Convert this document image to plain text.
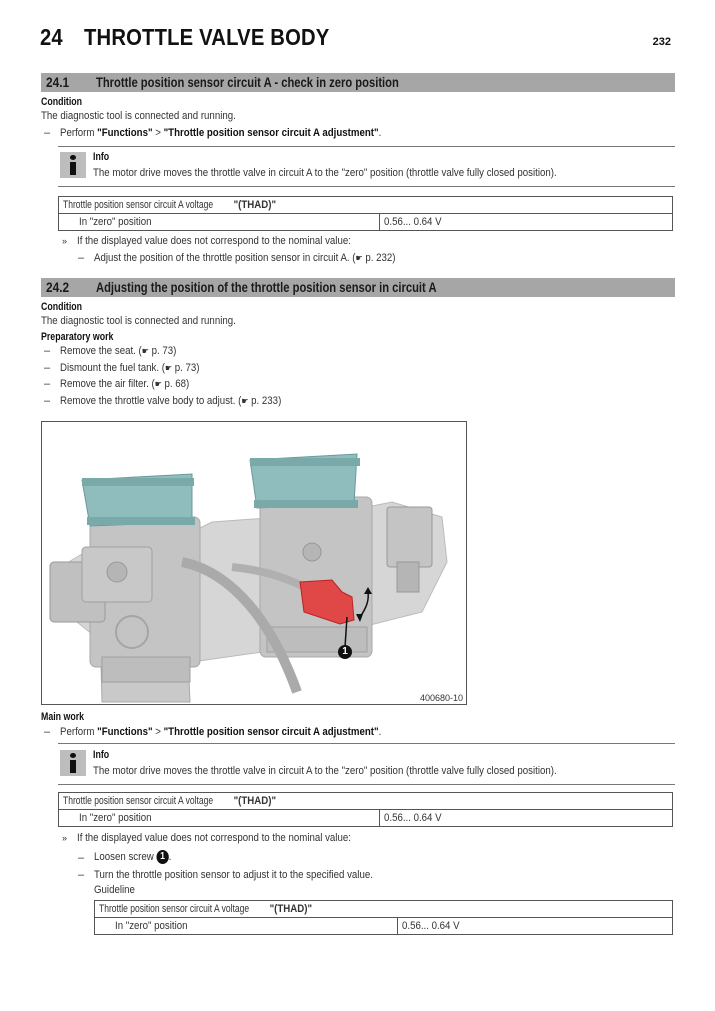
24 THROTTLE VALVE BODY	232
24.1 Throttle position sensor circuit A - check in zero position
Condition
The diagnostic tool is connected and running.
– Perform "Functions" > "Throttle position sensor circuit A adjustment".
Info
The motor drive moves the throttle valve in circuit A to the "zero" position (throttle valve fully closed position).
Throttle position sensor circuit A voltage"(THAD)"
In "zero" position	0.56... 0.64 V
» If the displayed value does not correspond to the nominal value:
– Adjust the position of the throttle position sensor in circuit A. (☛ p. 232)
24.2 Adjusting the position of the throttle position sensor in circuit A
Condition
The diagnostic tool is connected and running.
Preparatory work
– Remove the seat. (☛ p. 73)
– Dismount the fuel tank. (☛ p. 73)
– Remove the air filter. (☛ p. 68)
– Remove the throttle valve body to adjust. (☛ p. 233)
1
400680-10
Main work
– Perform "Functions" > "Throttle position sensor circuit A adjustment".
Info
The motor drive moves the throttle valve in circuit A to the "zero" position (throttle valve fully closed position).
Throttle position sensor circuit A voltage"(THAD)"
In "zero" position	0.56... 0.64 V
» If the displayed value does not correspond to the nominal value:
– Loosen screw 1 .
– Turn the throttle position sensor to adjust it to the specified value.
Guideline
Throttle position sensor circuit A voltage"(THAD)"
In "zero" position	0.56... 0.64 V
